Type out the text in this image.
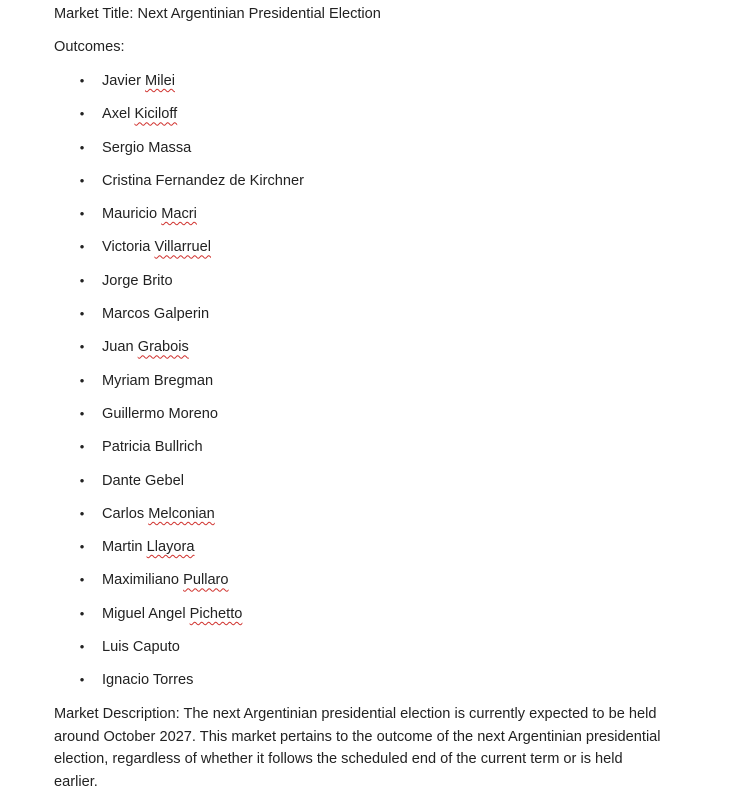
Market Title: Next Argentinian Presidential Election
Outcomes:
• Javier Milei
• Axel Kiciloff
• Sergio Massa
• Cristina Fernandez de Kirchner
• Mauricio Macri
• Victoria Villarruel
• Jorge Brito
• Marcos Galperin
• Juan Grabois
• Myriam Bregman
• Guillermo Moreno
• Patricia Bullrich
• Dante Gebel
• Carlos Melconian
• Martin Llayora
• Maximiliano Pullaro
• Miguel Angel Pichetto
• Luis Caputo
• Ignacio Torres
Market Description: The next Argentinian presidential election is currently expected to be held around October 2027. This market pertains to the outcome of the next Argentinian presidential election, regardless of whether it follows the scheduled end of the current term or is held earlier.
